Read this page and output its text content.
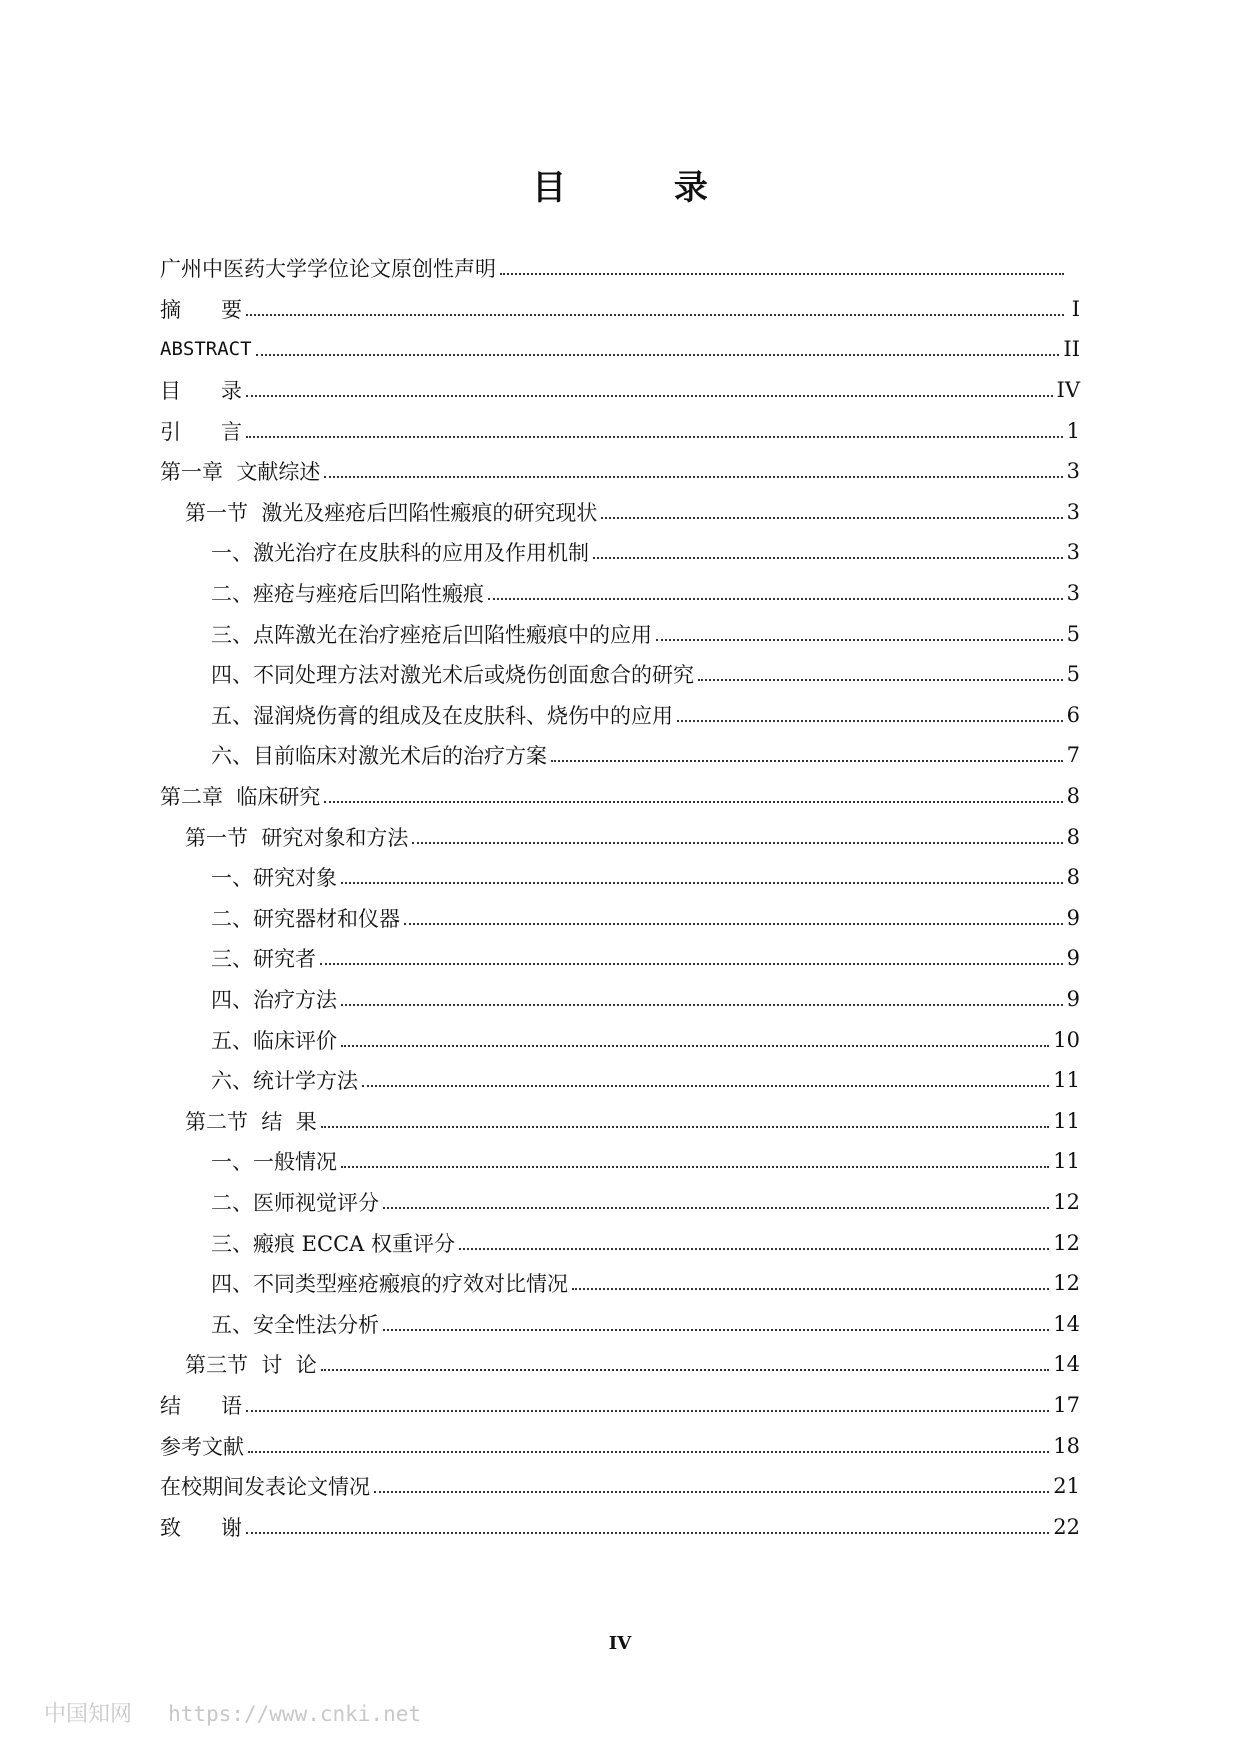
目 录
广州中医药大学学位论文原创性声明
摘      要	I
ABSTRACT	II
目      录	IV
引      言	1
第一章  文献综述	3
第一节  激光及痤疮后凹陷性瘢痕的研究现状	3
一、激光治疗在皮肤科的应用及作用机制	3
二、痤疮与痤疮后凹陷性瘢痕	3
三、点阵激光在治疗痤疮后凹陷性瘢痕中的应用	5
四、不同处理方法对激光术后或烧伤创面愈合的研究	5
五、湿润烧伤膏的组成及在皮肤科、烧伤中的应用	6
六、目前临床对激光术后的治疗方案	7
第二章  临床研究	8
第一节  研究对象和方法	8
一、研究对象	8
二、研究器材和仪器	9
三、研究者	9
四、治疗方法	9
五、临床评价	10
六、统计学方法	11
第二节  结  果	11
一、一般情况	11
二、医师视觉评分	12
三、瘢痕 ECCA 权重评分	12
四、不同类型痤疮瘢痕的疗效对比情况	12
五、安全性法分析	14
第三节  讨  论	14
结      语	17
参考文献	18
在校期间发表论文情况	21
致      谢	22
IV
中国知网 https://www.cnki.net
